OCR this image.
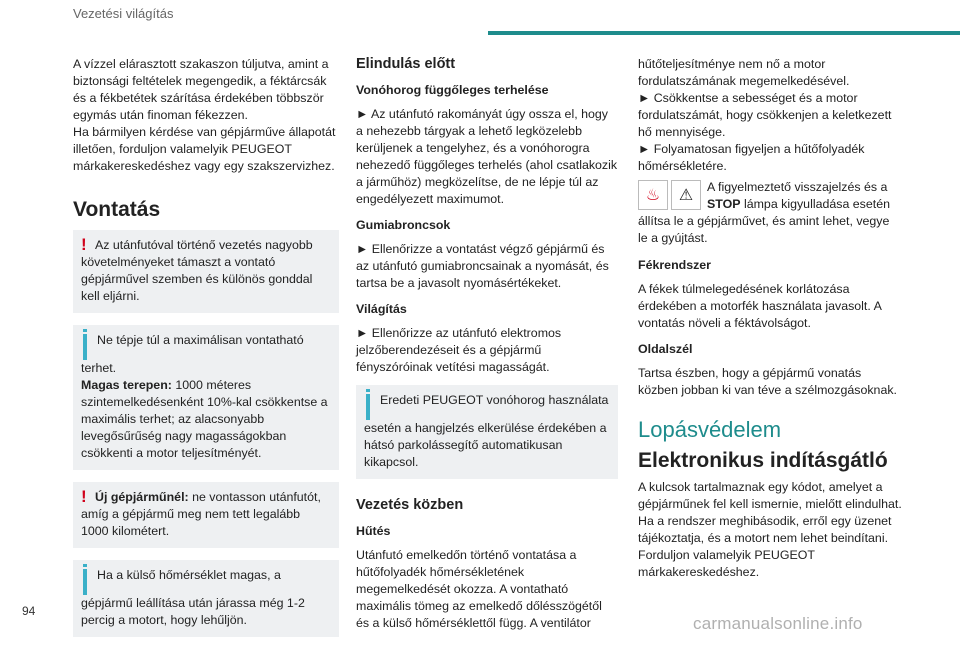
Vezetési világítás

A vízzel elárasztott szakaszon túljutva, amint a biztonsági feltételek megengedik, a féktárcsák és a fékbetétek szárítása érdekében többször egymás után finoman fékezzen.

Ha bármilyen kérdése van gépjárműve állapotát illetően, forduljon valamelyik PEUGEOT márkakereskedéshez vagy egy szakszervizhez.

Vontatás
! Az utánfutóval történő vezetés nagyobb követelményeket támaszt a vontató gépjárművel szemben és különös gonddal kell eljárni.
Ne tépje túl a maximálisan vontatható terhet.
Magas terepen: 1000 méteres szintemelkedésenként 10%-kal csökkentse a maximális terhet; az alacsonyabb levegősűrűség nagy magasságokban csökkenti a motor teljesítményét.
! Új gépjárműnél: ne vontasson utánfutót, amíg a gépjármű meg nem tett legalább 1000 kilométert.
Ha a külső hőmérséklet magas, a gépjármű leállítása után járassa még 1-2 percig a motort, hogy lehűljön.
Elindulás előtt
Vonóhorog függőleges terhelése

► Az utánfutó rakományát úgy ossza el, hogy a nehezebb tárgyak a lehető legközelebb kerüljenek a tengelyhez, és a vonóhorogra nehezedő függőleges terhelés (ahol csatlakozik a járműhöz) megközelítse, de ne lépje túl az engedélyezett maximumot.

Gumiabroncsok

► Ellenőrizze a vontatást végző gépjármű és az utánfutó gumiabroncsainak a nyomását, és tartsa be a javasolt nyomásértékeket.

Világítás

► Ellenőrizze az utánfutó elektromos jelzőberendezéseit és a gépjármű fényszóróinak vetítési magasságát.

Eredeti PEUGEOT vonóhorog használata esetén a hangjelzés elkerülése érdekében a hátsó parkolássegítő automatikusan kikapcsol.
Vezetés közben
Hűtés

Utánfutó emelkedőn történő vontatása a hűtőfolyadék hőmérsékletének megemelkedését okozza. A vontatható maximális tömeg az emelkedő dőlésszögétől és a külső hőmérséklettől függ. A ventilátor

hűtőteljesítménye nem nő a motor fordulatszámának megemelkedésével.

► Csökkentse a sebességet és a motor fordulatszámát, hogy csökkenjen a keletkezett hő mennyisége.

► Folyamatosan figyeljen a hűtőfolyadék hőmérsékletére.

♨	⚠	A figyelmeztető visszajelzés és a STOP lámpa kigyulladása esetén állítsa le a gépjárművet, és amint lehet, vegye le a gyújtást.
Fékrendszer

A fékek túlmelegedésének korlátozása érdekében a motorfék használata javasolt. A vontatás növeli a féktávolságot.

Oldalszél

Tartsa észben, hogy a gépjármű vonatás közben jobban ki van téve a szélmozgásoknak.

Lopásvédelem
Elektronikus indításgátló

A kulcsok tartalmaznak egy kódot, amelyet a gépjárműnek fel kell ismernie, mielőtt elindulhat. Ha a rendszer meghibásodik, erről egy üzenet tájékoztatja, és a motort nem lehet beindítani. Forduljon valamelyik PEUGEOT márkakereskedéshez.

94
carmanualsonline.info
